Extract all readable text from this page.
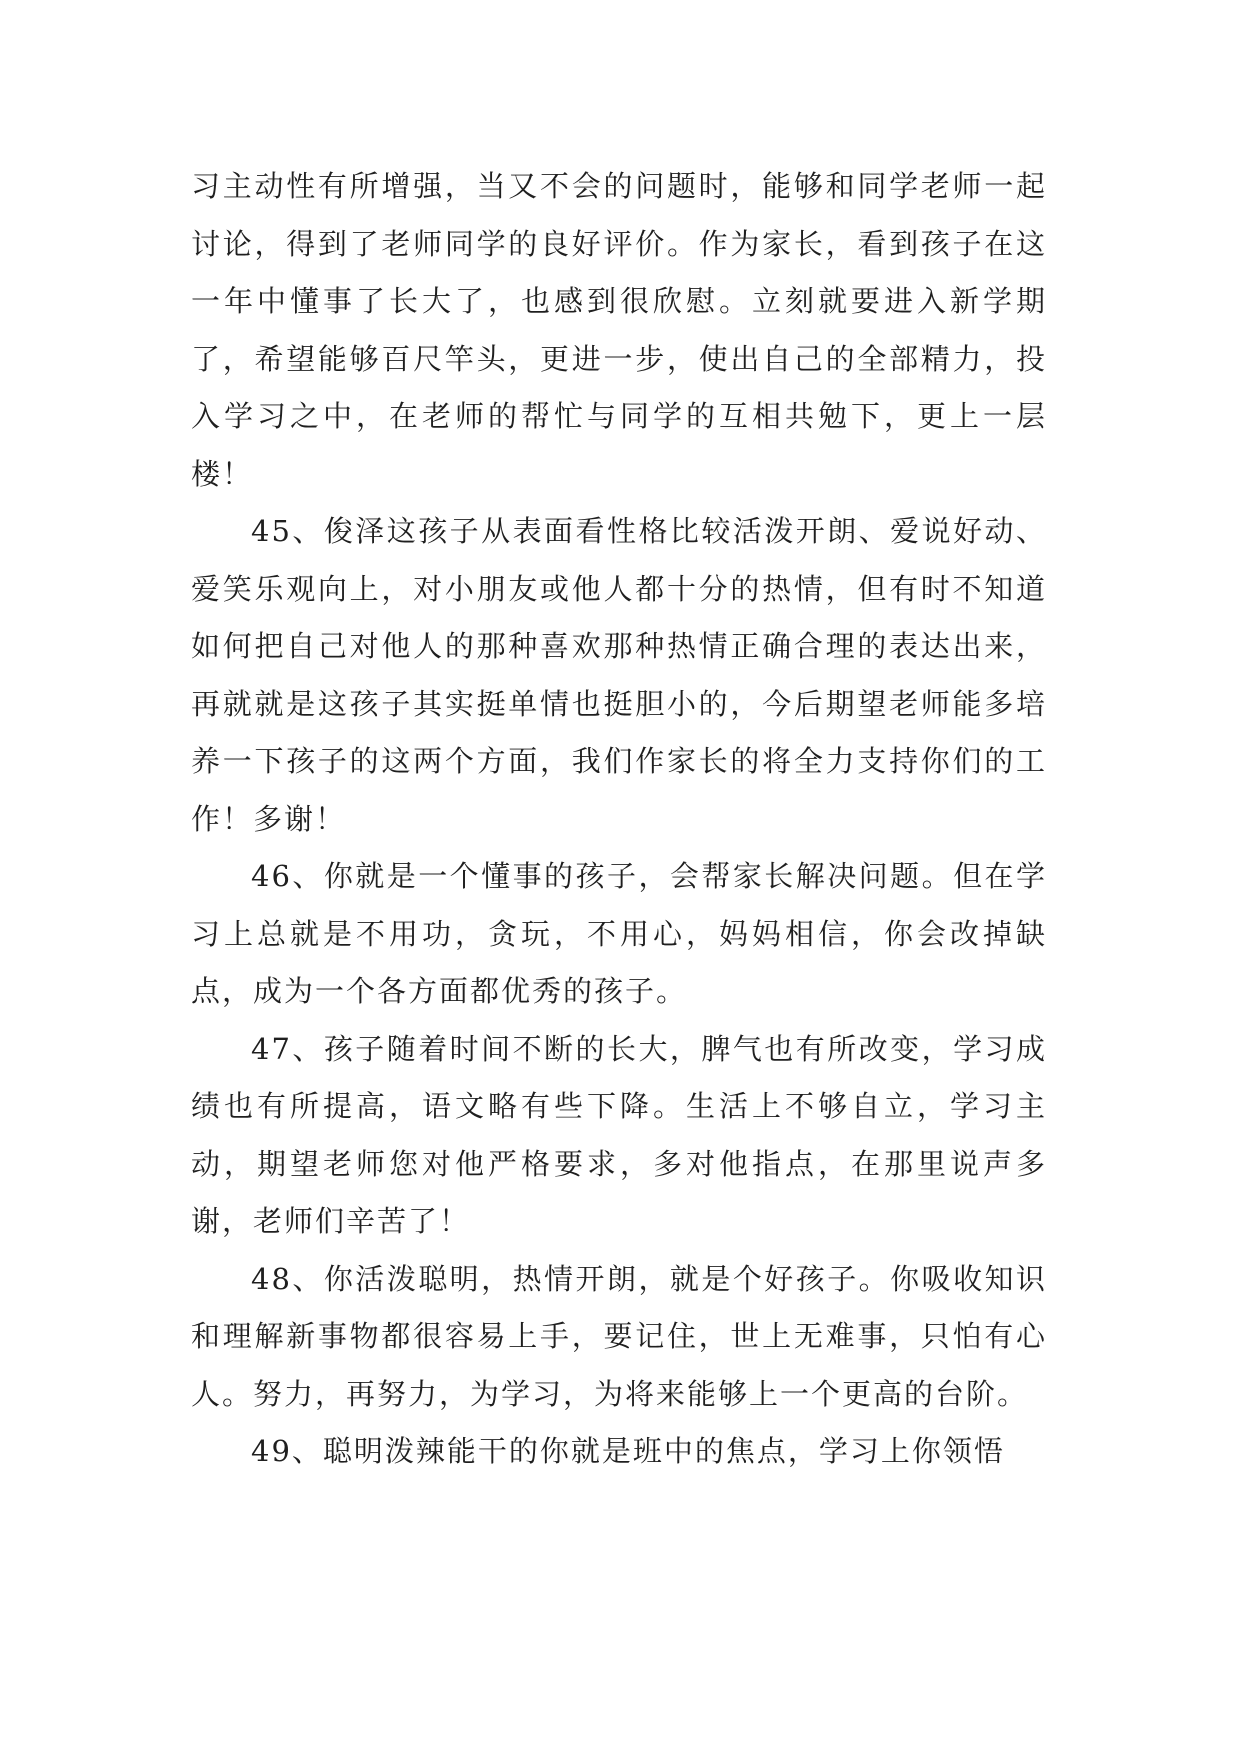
习主动性有所增强，当又不会的问题时，能够和同学老师一起讨论，得到了老师同学的良好评价。作为家长，看到孩子在这一年中懂事了长大了，也感到很欣慰。立刻就要进入新学期了，希望能够百尺竿头，更进一步，使出自己的全部精力，投入学习之中，在老师的帮忙与同学的互相共勉下，更上一层楼！

45、俊泽这孩子从表面看性格比较活泼开朗、爱说好动、爱笑乐观向上，对小朋友或他人都十分的热情，但有时不知道如何把自己对他人的那种喜欢那种热情正确合理的表达出来，再就就是这孩子其实挺单情也挺胆小的，今后期望老师能多培养一下孩子的这两个方面，我们作家长的将全力支持你们的工作！多谢！

46、你就是一个懂事的孩子，会帮家长解决问题。但在学习上总就是不用功，贪玩，不用心，妈妈相信，你会改掉缺点，成为一个各方面都优秀的孩子。

47、孩子随着时间不断的长大，脾气也有所改变，学习成绩也有所提高，语文略有些下降。生活上不够自立，学习主动，期望老师您对他严格要求，多对他指点，在那里说声多谢，老师们辛苦了！

48、你活泼聪明，热情开朗，就是个好孩子。你吸收知识和理解新事物都很容易上手，要记住，世上无难事，只怕有心人。努力，再努力，为学习，为将来能够上一个更高的台阶。

49、聪明泼辣能干的你就是班中的焦点，学习上你领悟
